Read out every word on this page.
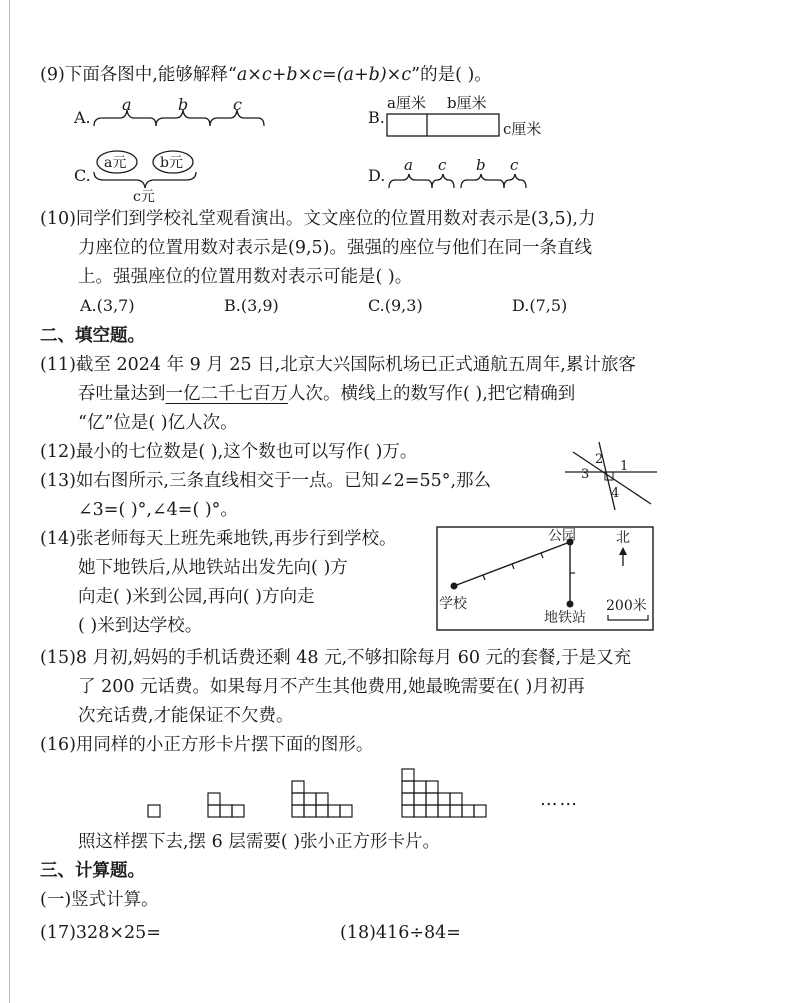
(9)下面各图中,能够解释“a×c+b×c=(a+b)×c”的是( )。
A.
a	b	c
B.
a厘米 b厘米
c厘米
C.
a元 b元
c元
D.
a c b c
(10)同学们到学校礼堂观看演出。文文座位的位置用数对表示是(3,5),力
力座位的位置用数对表示是(9,5)。强强的座位与他们在同一条直线
上。强强座位的位置用数对表示可能是( )。
A.(3,7)	B.(3,9)	C.(9,3)	D.(7,5)
二、填空题。
(11)截至 2024 年 9 月 25 日,北京大兴国际机场已正式通航五周年,累计旅客
吞吐量达到一亿二千七百万人次。横线上的数写作( ),把它精确到
“亿”位是( )亿人次。
(12)最小的七位数是( ),这个数也可以写作( )万。
(13)如右图所示,三条直线相交于一点。已知∠2=55°,那么
∠3=( )°,∠4=( )°。
1
2
3
4
(14)张老师每天上班先乘地铁,再步行到学校。
她下地铁后,从地铁站出发先向( )方
向走( )米到公园,再向( )方向走
( )米到达学校。
公园	北
学校
地铁站
200米
(15)8 月初,妈妈的手机话费还剩 48 元,不够扣除每月 60 元的套餐,于是又充
了 200 元话费。如果每月不产生其他费用,她最晚需要在( )月初再
次充话费,才能保证不欠费。
(16)用同样的小正方形卡片摆下面的图形。
……
照这样摆下去,摆 6 层需要( )张小正方形卡片。
三、计算题。
(一)竖式计算。
(17)328×25=	(18)416÷84=
